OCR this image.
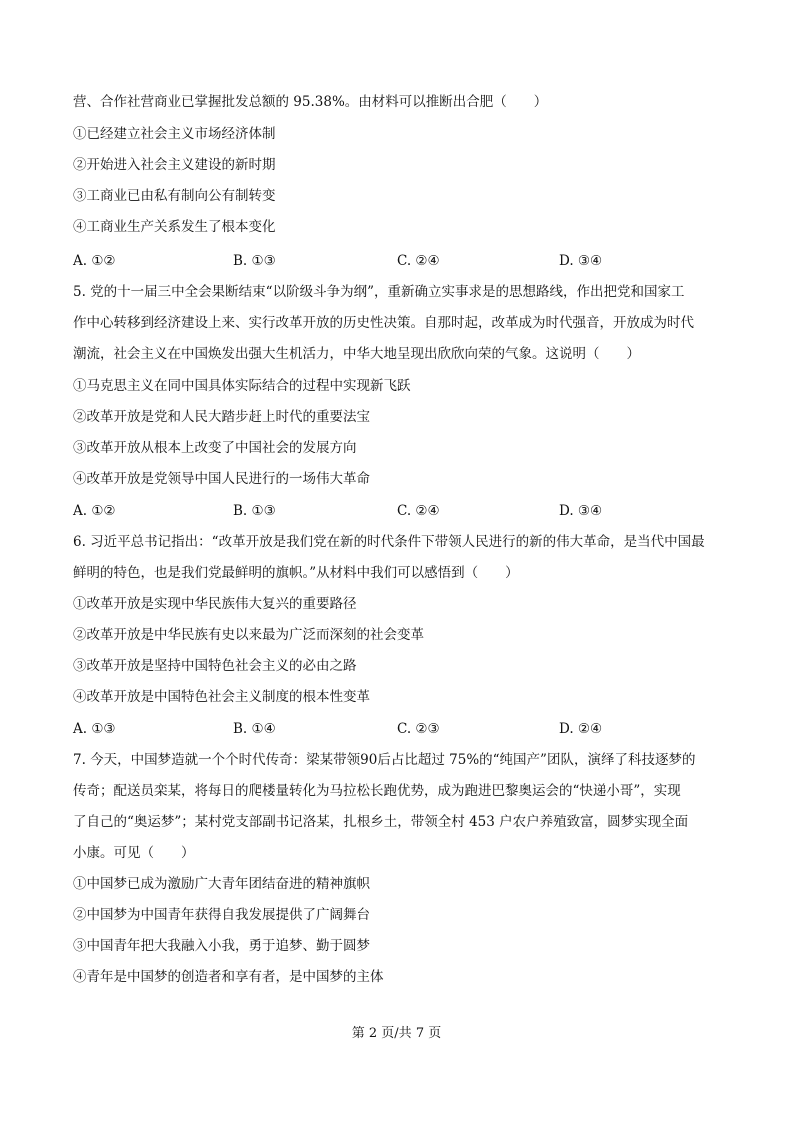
营、合作社营商业已掌握批发总额的 95.38%。由材料可以推断出合肥（　　）
①已经建立社会主义市场经济体制
②开始进入社会主义建设的新时期
③工商业已由私有制向公有制转变
④工商业生产关系发生了根本变化
A. ①②	B. ①③	C. ②④	D. ③④
5. 党的十一届三中全会果断结束“以阶级斗争为纲”，重新确立实事求是的思想路线，作出把党和国家工
作中心转移到经济建设上来、实行改革开放的历史性决策。自那时起，改革成为时代强音，开放成为时代
潮流，社会主义在中国焕发出强大生机活力，中华大地呈现出欣欣向荣的气象。这说明（　　）
①马克思主义在同中国具体实际结合的过程中实现新飞跃
②改革开放是党和人民大踏步赶上时代的重要法宝
③改革开放从根本上改变了中国社会的发展方向
④改革开放是党领导中国人民进行的一场伟大革命
A. ①②	B. ①③	C. ②④	D. ③④
6. 习近平总书记指出：“改革开放是我们党在新的时代条件下带领人民进行的新的伟大革命，是当代中国最
鲜明的特色，也是我们党最鲜明的旗帜。”从材料中我们可以感悟到（　　）
①改革开放是实现中华民族伟大复兴的重要路径
②改革开放是中华民族有史以来最为广泛而深刻的社会变革
③改革开放是坚持中国特色社会主义的必由之路
④改革开放是中国特色社会主义制度的根本性变革
A. ①③	B. ①④	C. ②③	D. ②④
7. 今天，中国梦造就一个个时代传奇：梁某带领90后占比超过 75%的“纯国产”团队，演绎了科技逐梦的
传奇；配送员栾某，将每日的爬楼量转化为马拉松长跑优势，成为跑进巴黎奥运会的“快递小哥”，实现
了自己的“奥运梦”；某村党支部副书记洛某，扎根乡土，带领全村 453 户农户养殖致富，圆梦实现全面
小康。可见（　　）
①中国梦已成为激励广大青年团结奋进的精神旗帜
②中国梦为中国青年获得自我发展提供了广阔舞台
③中国青年把大我融入小我，勇于追梦、勤于圆梦
④青年是中国梦的创造者和享有者，是中国梦的主体
第 2 页/共 7 页
